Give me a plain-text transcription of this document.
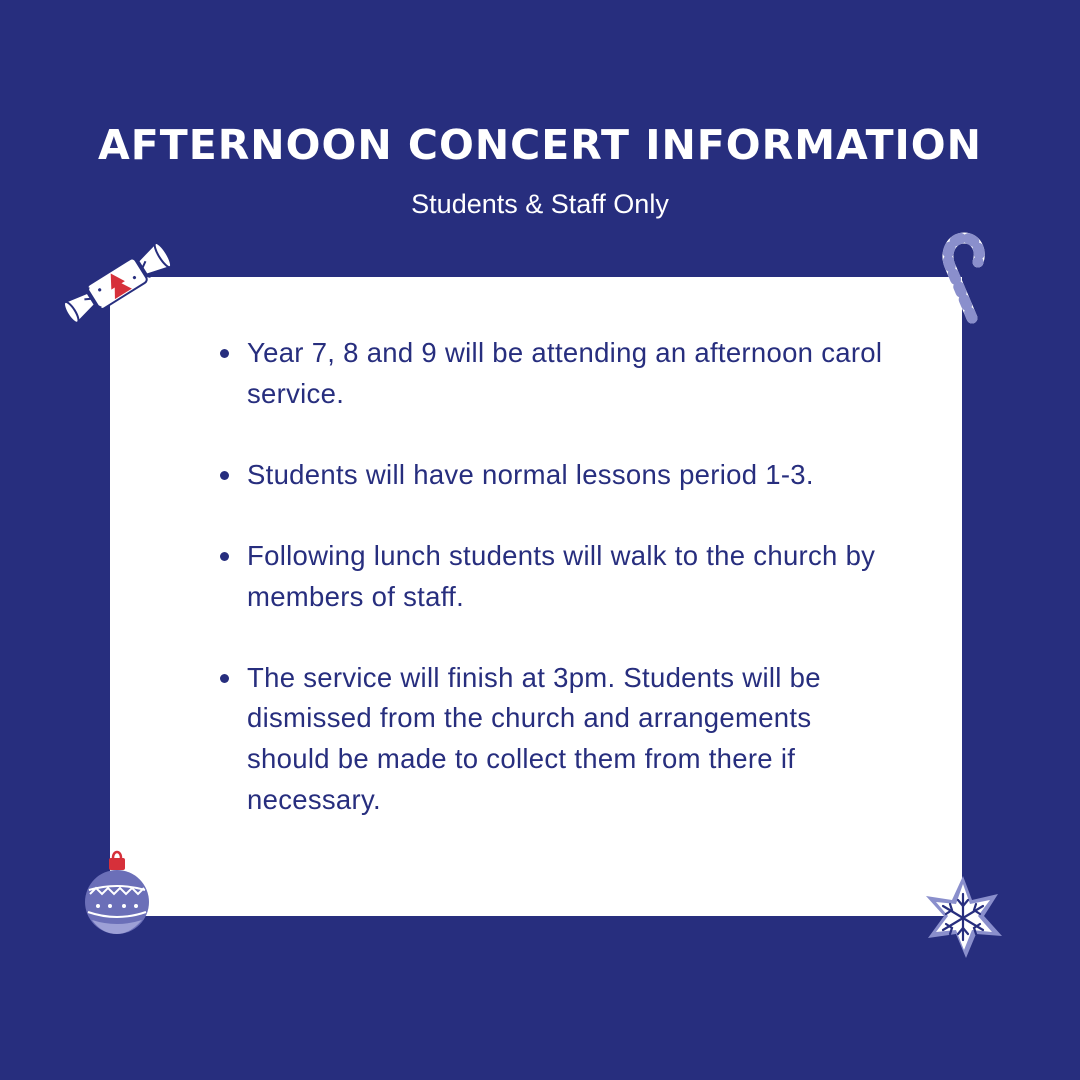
AFTERNOON CONCERT INFORMATION

Students & Staff Only

Year 7, 8 and 9 will be attending an afternoon carol service.
Students will have normal lessons period 1-3.
Following lunch students will walk to the church by members of staff.
The service will finish at 3pm. Students will be dismissed from the church and arrangements should be made to collect them from there if necessary.
